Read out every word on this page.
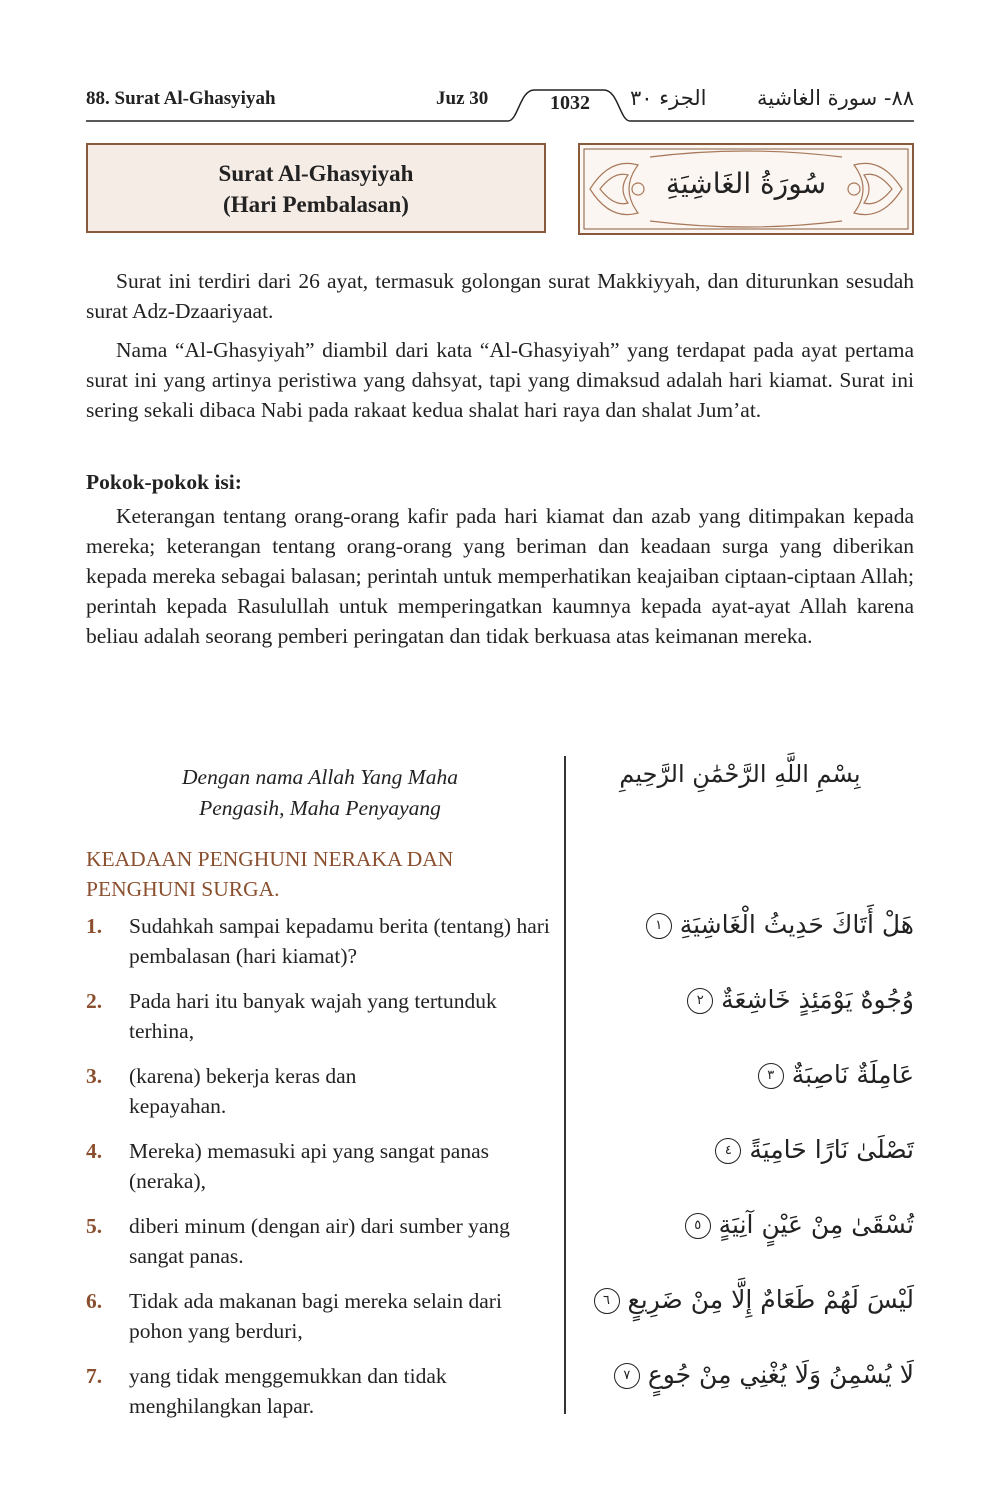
88. Surat Al-Ghasyiyah	Juz 30	1032	الجزء ٣٠ ٨٨- سورة الغاشية
Surat Al-Ghasyiyah
(Hari Pembalasan)
سُورَةُ الغَاشِيَةِ
Surat ini terdiri dari 26 ayat, termasuk golongan surat Makkiyyah, dan diturunkan sesudah surat Adz-Dzaariyaat.
Nama “Al-Ghasyiyah” diambil dari kata “Al-Ghasyiyah” yang terdapat pada ayat pertama surat ini yang artinya peristiwa yang dahsyat, tapi yang dimaksud adalah hari kiamat. Surat ini sering sekali dibaca Nabi pada rakaat kedua shalat hari raya dan shalat Jum’at.
Pokok-pokok isi:
Keterangan tentang orang-orang kafir pada hari kiamat dan azab yang ditimpakan kepada mereka; keterangan tentang orang-orang yang beriman dan keadaan surga yang diberikan kepada mereka sebagai balasan; perintah untuk memperhatikan keajaiban ciptaan-ciptaan Allah; perintah kepada Rasulullah untuk memperingatkan kaumnya kepada ayat-ayat Allah karena beliau adalah seorang pemberi peringatan dan tidak berkuasa atas keimanan mereka.
Dengan nama Allah Yang Maha
Pengasih, Maha Penyayang
بِسْمِ اللَّهِ الرَّحْمَٰنِ الرَّحِيمِ
KEADAAN PENGHUNI NERAKA DAN
PENGHUNI SURGA.
1. Sudahkah sampai kepadamu berita (tentang) hari pembalasan (hari kiamat)?
هَلْ أَتَاكَ حَدِيثُ الْغَاشِيَةِ ١
2. Pada hari itu banyak wajah yang tertunduk terhina,
وُجُوهٌ يَوْمَئِذٍ خَاشِعَةٌ ٢
3. (karena) bekerja keras dan kepayahan.
عَامِلَةٌ نَاصِبَةٌ ٣
4. Mereka) memasuki api yang sangat panas (neraka),
تَصْلَىٰ نَارًا حَامِيَةً ٤
5. diberi minum (dengan air) dari sumber yang sangat panas.
تُسْقَىٰ مِنْ عَيْنٍ آنِيَةٍ ٥
6. Tidak ada makanan bagi mereka selain dari pohon yang berduri,
لَيْسَ لَهُمْ طَعَامٌ إِلَّا مِنْ ضَرِيعٍ ٦
7. yang tidak menggemukkan dan tidak menghilangkan lapar.
لَا يُسْمِنُ وَلَا يُغْنِي مِنْ جُوعٍ ٧
